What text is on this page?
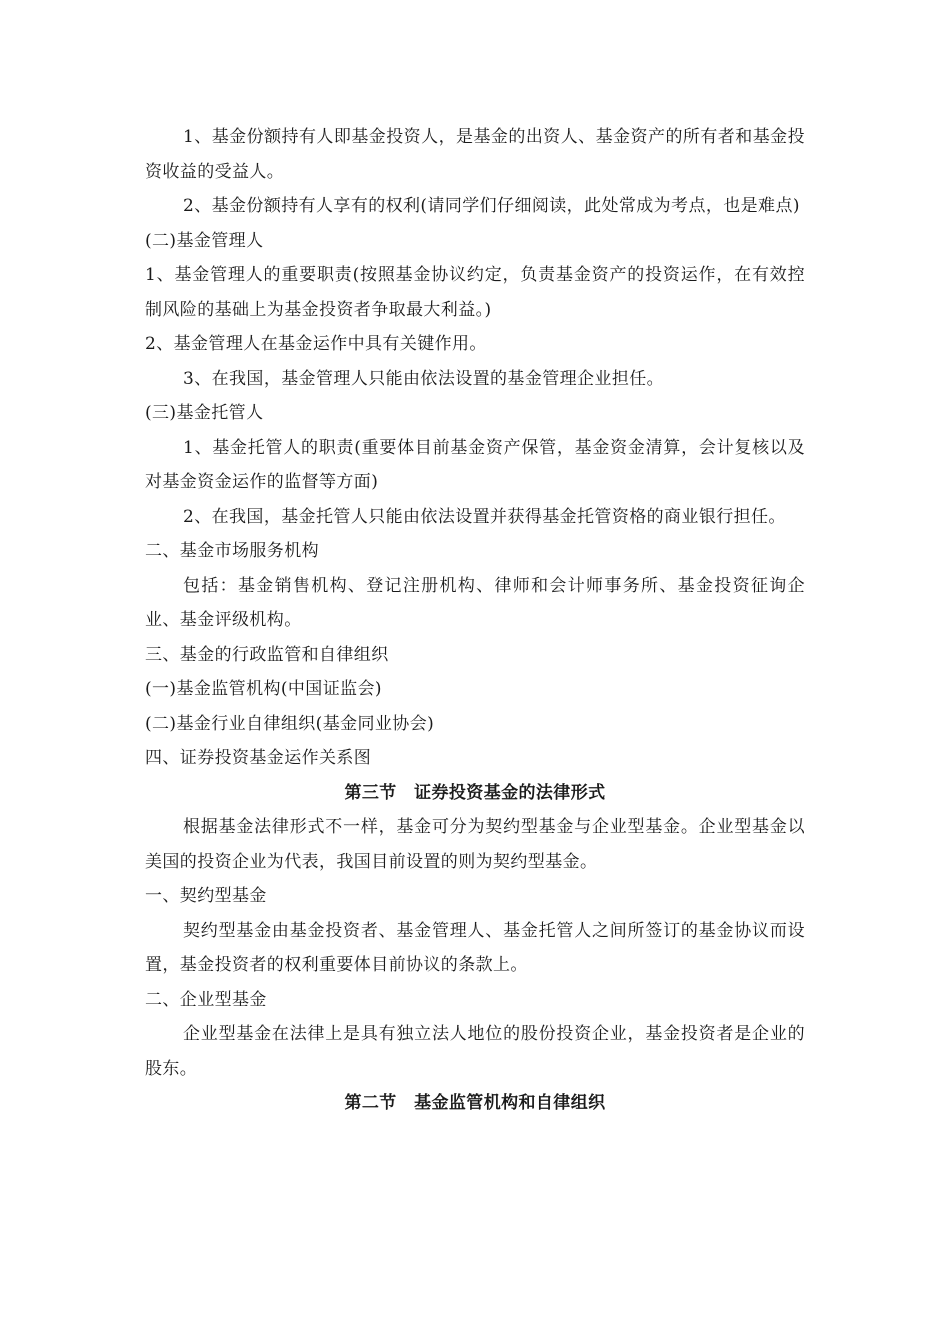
1、基金份额持有人即基金投资人，是基金的出资人、基金资产的所有者和基金投资收益的受益人。

2、基金份额持有人享有的权利(请同学们仔细阅读，此处常成为考点，也是难点)

(二)基金管理人

1、基金管理人的重要职责(按照基金协议约定，负责基金资产的投资运作，在有效控制风险的基础上为基金投资者争取最大利益。)

2、基金管理人在基金运作中具有关键作用。

3、在我国，基金管理人只能由依法设置的基金管理企业担任。

(三)基金托管人

1、基金托管人的职责(重要体目前基金资产保管，基金资金清算，会计复核以及对基金资金运作的监督等方面)

2、在我国，基金托管人只能由依法设置并获得基金托管资格的商业银行担任。

二、基金市场服务机构

包括：基金销售机构、登记注册机构、律师和会计师事务所、基金投资征询企业、基金评级机构。

三、基金的行政监管和自律组织

(一)基金监管机构(中国证监会)

(二)基金行业自律组织(基金同业协会)

四、证券投资基金运作关系图

第三节　证券投资基金的法律形式

根据基金法律形式不一样，基金可分为契约型基金与企业型基金。企业型基金以美国的投资企业为代表，我国目前设置的则为契约型基金。

一、契约型基金

契约型基金由基金投资者、基金管理人、基金托管人之间所签订的基金协议而设置，基金投资者的权利重要体目前协议的条款上。

二、企业型基金

企业型基金在法律上是具有独立法人地位的股份投资企业，基金投资者是企业的股东。

第二节　基金监管机构和自律组织
